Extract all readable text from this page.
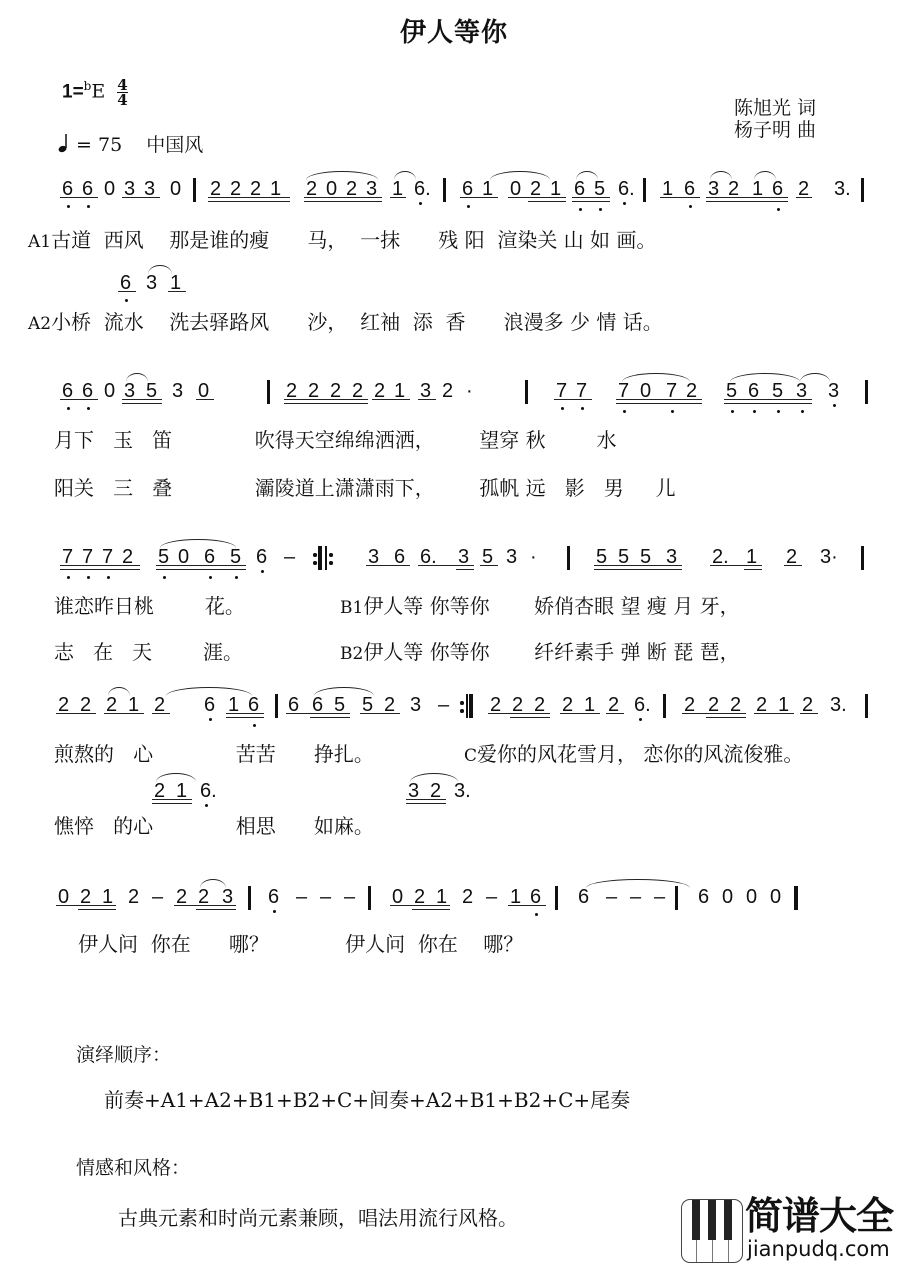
伊人等你
$1=^bE \frac{4}{4}$
= 75 中国风
陈旭光 词
杨子明 曲
6 6 0 3 3 0 2 2 2 1 2 0 2 3 1 6. 6 1 0 2 1 6 5 6. 1 6 3 2 1 6 2 3.
6 3 1
6 6 0 3 5 3 0	2 2 2 2 2 1 3 2 ·	7 7 7 0 7 2 5 6 5 3 3
7 7 7 2 5 0 6 5 6 –	3 6 6. 3 5 3 ·	5 5 5 3 2. 1 2 3·
2 2 2 1 2 6 1 6 6 6 5 5 2 3 – 2 2 2 2 1 2 6. 2 2 2 2 1 2 3.
2 1 6.	3 2 3.
0 2 1 2 – 2 2 3 6 – – – 0 2 1 2 – 1 6 6 – – – 6 0 0 0
A1古道  西风    那是谁的瘦      马，  一抹      残 阳  渲染关 山 如 画。
A2小桥  流水    洗去驿路风      沙，  红袖  添  香      浪漫多 少 情 话。
月下   玉   笛             吹得天空绵绵洒洒，       望穿 秋        水
阳关   三   叠             灞陵道上潇潇雨下，       孤帆 远   影   男     儿
谁恋昨日桃        花。
志   在   天        涯。
煎熬的   心             苦苦      挣扎。
憔悴   的心             相思      如麻。
伊人问  你在      哪？            伊人问  你在    哪？
B1伊人等 你等你       娇俏杏眼 望 瘦 月 牙，
B2伊人等 你等你       纤纤素手 弹 断 琵 琶，
C爱你的风花雪月， 恋你的风流俊雅。
演绎顺序：
前奏+A1+A2+B1+B2+C+间奏+A2+B1+B2+C+尾奏
情感和风格：
古典元素和时尚元素兼顾，唱法用流行风格。	简谱大全
jianpudq.com
